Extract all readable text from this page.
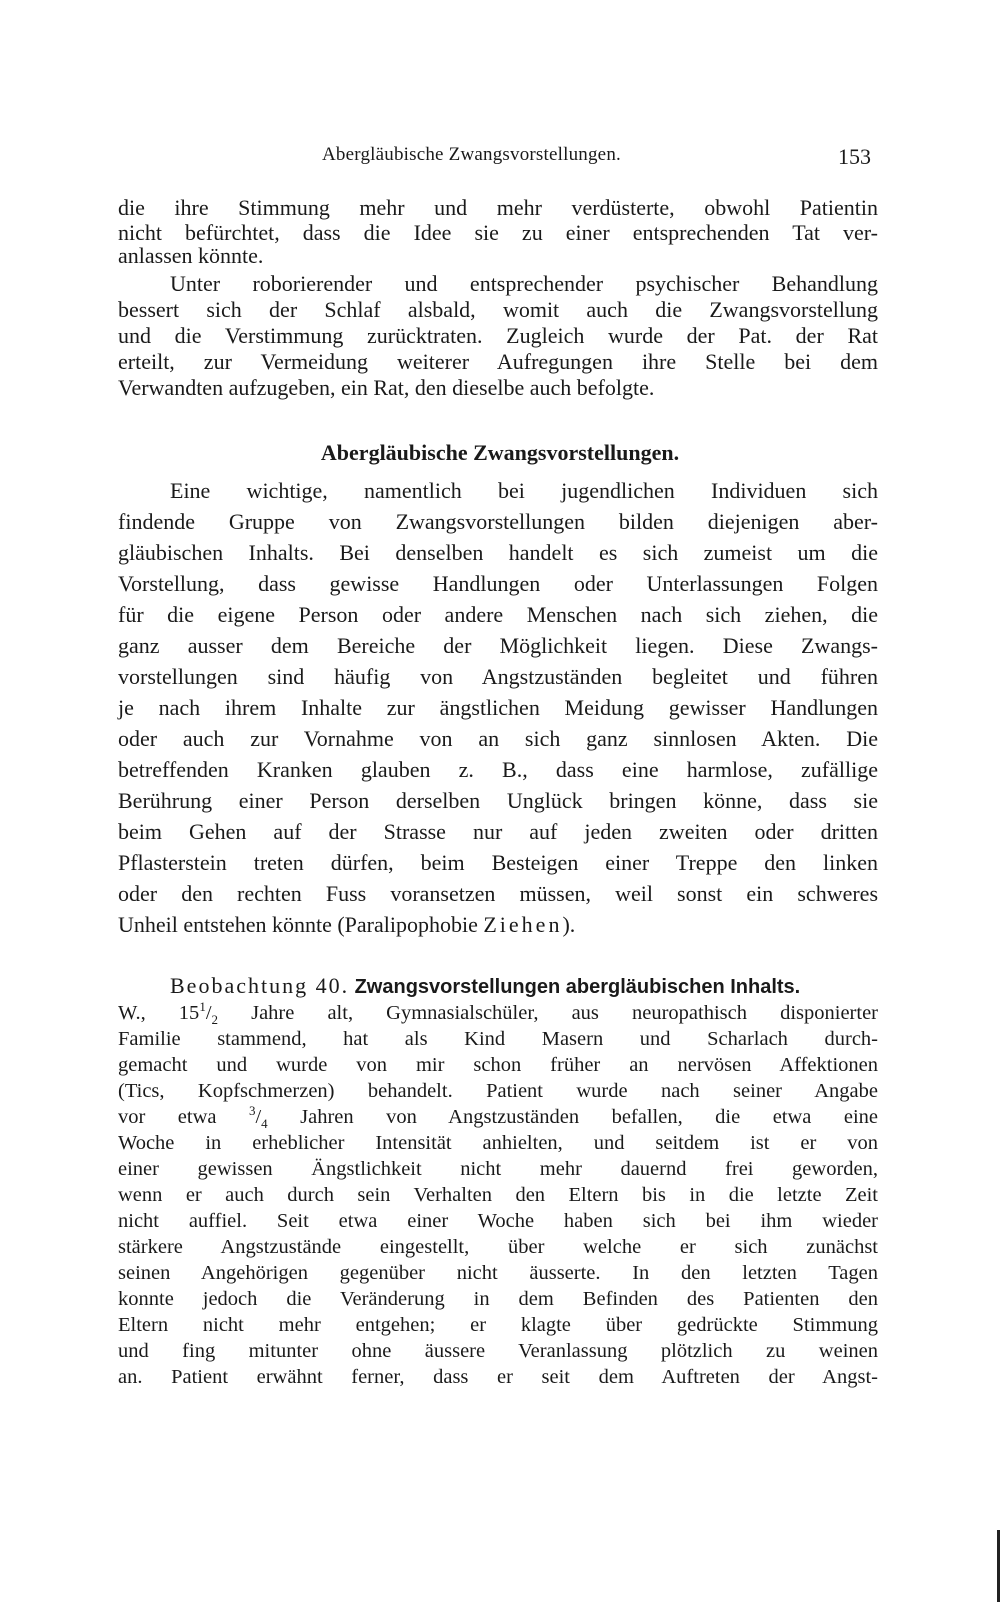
Abergläubische Zwangsvorstellungen.	153
die ihre Stimmung mehr und mehr verdüsterte, obwohl Patientin
nicht befürchtet, dass die Idee sie zu einer entsprechenden Tat ver-
anlassen könnte.
Unter roborierender und entsprechender psychischer Behandlung
bessert sich der Schlaf alsbald, womit auch die Zwangsvorstellung
und die Verstimmung zurücktraten. Zugleich wurde der Pat. der Rat
erteilt, zur Vermeidung weiterer Aufregungen ihre Stelle bei dem
Verwandten aufzugeben, ein Rat, den dieselbe auch befolgte.
Abergläubische Zwangsvorstellungen.
Eine wichtige, namentlich bei jugendlichen Individuen sich
findende Gruppe von Zwangsvorstellungen bilden diejenigen aber-
gläubischen Inhalts. Bei denselben handelt es sich zumeist um die
Vorstellung, dass gewisse Handlungen oder Unterlassungen Folgen
für die eigene Person oder andere Menschen nach sich ziehen, die
ganz ausser dem Bereiche der Möglichkeit liegen. Diese Zwangs-
vorstellungen sind häufig von Angstzuständen begleitet und führen
je nach ihrem Inhalte zur ängstlichen Meidung gewisser Handlungen
oder auch zur Vornahme von an sich ganz sinnlosen Akten. Die
betreffenden Kranken glauben z. B., dass eine harmlose, zufällige
Berührung einer Person derselben Unglück bringen könne, dass sie
beim Gehen auf der Strasse nur auf jeden zweiten oder dritten
Pflasterstein treten dürfen, beim Besteigen einer Treppe den linken
oder den rechten Fuss voransetzen müssen, weil sonst ein schweres
Unheil entstehen könnte (Paralipophobie Ziehen).
Beobachtung 40. Zwangsvorstellungen abergläubischen Inhalts.
W., $15^1/_2$ Jahre alt, Gymnasialschüler, aus neuropathisch disponierter
Familie stammend, hat als Kind Masern und Scharlach durch-
gemacht und wurde von mir schon früher an nervösen Affektionen
(Tics, Kopfschmerzen) behandelt. Patient wurde nach seiner Angabe
vor etwa $^3/_4$ Jahren von Angstzuständen befallen, die etwa eine
Woche in erheblicher Intensität anhielten, und seitdem ist er von
einer gewissen Ängstlichkeit nicht mehr dauernd frei geworden,
wenn er auch durch sein Verhalten den Eltern bis in die letzte Zeit
nicht auffiel. Seit etwa einer Woche haben sich bei ihm wieder
stärkere Angstzustände eingestellt, über welche er sich zunächst
seinen Angehörigen gegenüber nicht äusserte. In den letzten Tagen
konnte jedoch die Veränderung in dem Befinden des Patienten den
Eltern nicht mehr entgehen; er klagte über gedrückte Stimmung
und fing mitunter ohne äussere Veranlassung plötzlich zu weinen
an. Patient erwähnt ferner, dass er seit dem Auftreten der Angst-
